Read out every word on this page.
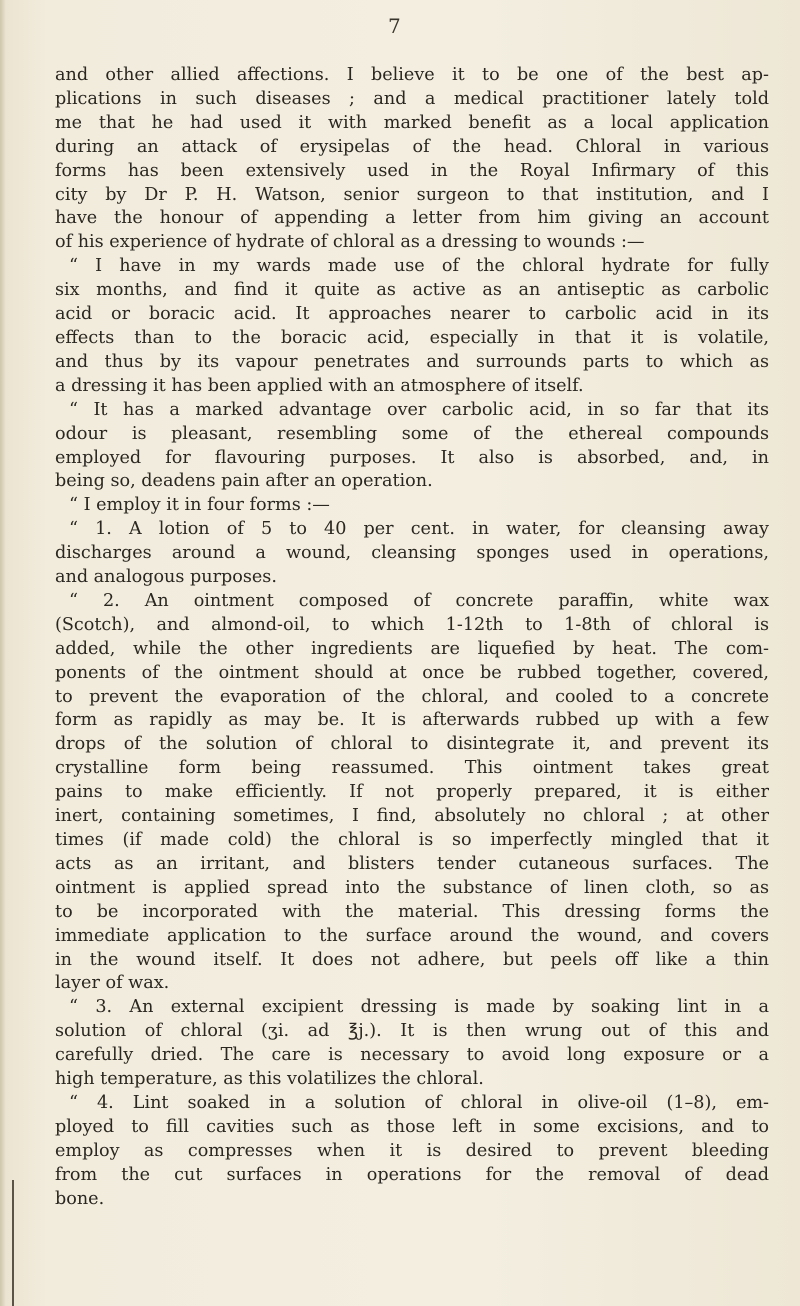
7
and other allied affections. I believe it to be one of the best ap-
plications in such diseases ; and a medical practitioner lately told
me that he had used it with marked benefit as a local application
during an attack of erysipelas of the head. Chloral in various
forms has been extensively used in the Royal Infirmary of this
city by Dr P. H. Watson, senior surgeon to that institution, and I
have the honour of appending a letter from him giving an account
of his experience of hydrate of chloral as a dressing to wounds :—
“ I have in my wards made use of the chloral hydrate for fully
six months, and find it quite as active as an antiseptic as carbolic
acid or boracic acid. It approaches nearer to carbolic acid in its
effects than to the boracic acid, especially in that it is volatile,
and thus by its vapour penetrates and surrounds parts to which as
a dressing it has been applied with an atmosphere of itself.
“ It has a marked advantage over carbolic acid, in so far that its
odour is pleasant, resembling some of the ethereal compounds
employed for flavouring purposes. It also is absorbed, and, in
being so, deadens pain after an operation.
“ I employ it in four forms :—
“ 1. A lotion of 5 to 40 per cent. in water, for cleansing away
discharges around a wound, cleansing sponges used in operations,
and analogous purposes.
“ 2. An ointment composed of concrete paraffin, white wax
(Scotch), and almond-oil, to which 1-12th to 1-8th of chloral is
added, while the other ingredients are liquefied by heat. The com-
ponents of the ointment should at once be rubbed together, covered,
to prevent the evaporation of the chloral, and cooled to a concrete
form as rapidly as may be. It is afterwards rubbed up with a few
drops of the solution of chloral to disintegrate it, and prevent its
crystalline form being reassumed. This ointment takes great
pains to make efficiently. If not properly prepared, it is either
inert, containing sometimes, I find, absolutely no chloral ; at other
times (if made cold) the chloral is so imperfectly mingled that it
acts as an irritant, and blisters tender cutaneous surfaces. The
ointment is applied spread into the substance of linen cloth, so as
to be incorporated with the material. This dressing forms the
immediate application to the surface around the wound, and covers
in the wound itself. It does not adhere, but peels off like a thin
layer of wax.
“ 3. An external excipient dressing is made by soaking lint in a
solution of chloral (ʒi. ad ℥j.). It is then wrung out of this and
carefully dried. The care is necessary to avoid long exposure or a
high temperature, as this volatilizes the chloral.
“ 4. Lint soaked in a solution of chloral in olive-oil (1–8), em-
ployed to fill cavities such as those left in some excisions, and to
employ as compresses when it is desired to prevent bleeding
from the cut surfaces in operations for the removal of dead
bone.
